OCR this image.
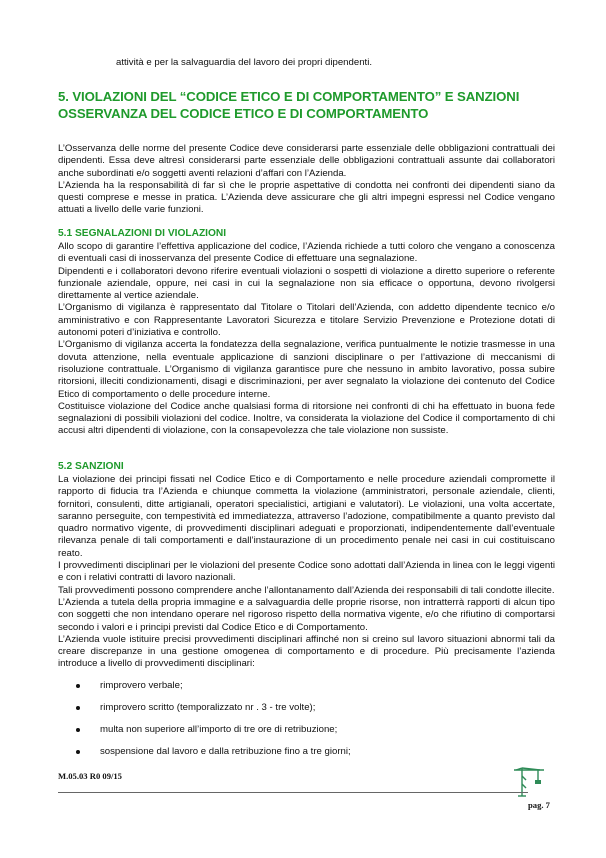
attività e per la salvaguardia del lavoro dei propri dipendenti.
5. VIOLAZIONI DEL “CODICE ETICO E DI COMPORTAMENTO” E SANZIONI
OSSERVANZA DEL CODICE ETICO E DI COMPORTAMENTO

L’Osservanza delle norme del presente Codice deve considerarsi parte essenziale delle obbligazioni contrattuali dei dipendenti. Essa deve altresì considerarsi parte essenziale delle obbligazioni contrattuali assunte dai collaboratori anche subordinati e/o soggetti aventi relazioni d’affari con l’Azienda.

L’Azienda ha la responsabilità di far sì che le proprie aspettative di condotta nei confronti dei dipendenti siano da questi comprese e messe in pratica. L’Azienda deve assicurare che gli altri impegni espressi nel Codice vengano attuati a livello delle varie funzioni.

5.1 SEGNALAZIONI DI VIOLAZIONI

Allo scopo di garantire l’effettiva applicazione del codice, l’Azienda richiede a tutti coloro che vengano a conoscenza di eventuali casi di inosservanza del presente Codice di effettuare una segnalazione.

Dipendenti e i collaboratori devono riferire eventuali violazioni o sospetti di violazione a diretto superiore o referente funzionale aziendale, oppure, nei casi in cui la segnalazione non sia efficace o opportuna, devono rivolgersi direttamente al vertice aziendale.

L’Organismo di vigilanza è rappresentato dal Titolare o Titolari dell’Azienda, con addetto dipendente tecnico e/o amministrativo e con Rappresentante Lavoratori Sicurezza e titolare Servizio Prevenzione e Protezione dotati di autonomi poteri d’iniziativa e controllo.

L’Organismo di vigilanza accerta la fondatezza della segnalazione, verifica puntualmente le notizie trasmesse in una dovuta attenzione, nella eventuale applicazione di sanzioni disciplinare o per l’attivazione di meccanismi di risoluzione contrattuale. L’Organismo di vigilanza garantisce pure che nessuno in ambito lavorativo, possa subire ritorsioni, illeciti condizionamenti, disagi e discriminazioni, per aver segnalato la violazione dei contenuto del Codice Etico di comportamento o delle procedure interne.

Costituisce violazione del Codice anche qualsiasi forma di ritorsione nei confronti di chi ha effettuato in buona fede segnalazioni di possibili violazioni del codice. Inoltre, va considerata la violazione del Codice il comportamento di chi accusi altri dipendenti di violazione, con la consapevolezza che tale violazione non sussiste.

5.2 SANZIONI

La violazione dei principi fissati nel Codice Etico e di Comportamento e nelle procedure aziendali compromette il rapporto di fiducia tra l’Azienda e chiunque commetta la violazione (amministratori, personale aziendale, clienti, fornitori, consulenti, ditte artigianali, operatori specialistici, artigiani e valutatori). Le violazioni, una volta accertate, saranno perseguite, con tempestività ed immediatezza, attraverso l’adozione, compatibilmente a quanto previsto dal quadro normativo vigente, di provvedimenti disciplinari adeguati e proporzionati, indipendentemente dall’eventuale rilevanza penale di tali comportamenti e dall’instaurazione di un procedimento penale nei casi in cui costituiscano reato.

I provvedimenti disciplinari per le violazioni del presente Codice sono adottati dall’Azienda in linea con le leggi vigenti e con i relativi contratti di lavoro nazionali.

Tali provvedimenti possono comprendere anche l’allontanamento dall’Azienda dei responsabili di tali condotte illecite.

L’Azienda a tutela della propria immagine e a salvaguardia delle proprie risorse, non intratterrà rapporti di alcun tipo con soggetti che non intendano operare nel rigoroso rispetto della normativa vigente, e/o che rifiutino di comportarsi secondo i valori e i principi previsti dal Codice Etico e di Comportamento.

L’Azienda vuole istituire precisi provvedimenti disciplinari affinché non si creino sul lavoro situazioni abnormi tali da creare discrepanze in una gestione omogenea di comportamento e di procedure. Più precisamente l’azienda introduce a livello di provvedimenti disciplinari:

rimprovero verbale;
rimprovero scritto (temporalizzato nr . 3 - tre volte);
multa non superiore all’importo di tre ore di retribuzione;
sospensione dal lavoro e dalla retribuzione fino a tre giorni;
M.05.03 R0 09/15
pag. 7
